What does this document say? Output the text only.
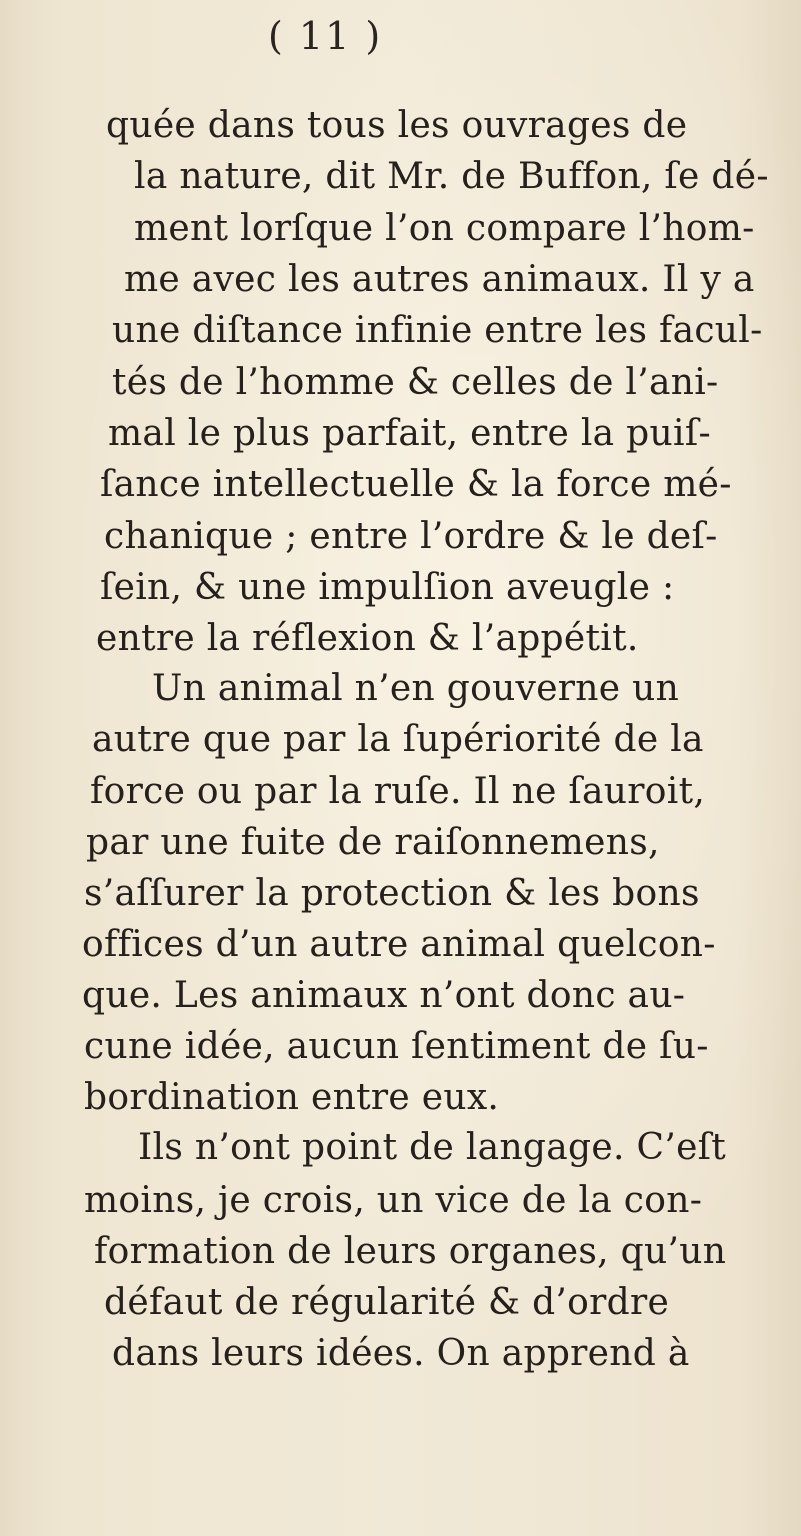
( 11 )
quée dans tous les ouvrages de
la nature, dit Mr. de Buffon, ſe dé-
ment lorſque l’on compare l’hom-
me avec les autres animaux. Il y a
une diſtance infinie entre les facul-
tés de l’homme & celles de l’ani-
mal le plus parfait, entre la puiſ-
ſance intellectuelle & la force mé-
chanique ; entre l’ordre & le deſ-
ſein, & une impulſion aveugle :
entre la réflexion & l’appétit.
Un animal n’en gouverne un
autre que par la ſupériorité de la
force ou par la ruſe. Il ne ſauroit,
par une fuite de raiſonnemens,
s’aſſurer la protection & les bons
offices d’un autre animal quelcon-
que. Les animaux n’ont donc au-
cune idée, aucun ſentiment de ſu-
bordination entre eux.
Ils n’ont point de langage. C’eſt
moins, je crois, un vice de la con-
formation de leurs organes, qu’un
défaut de régularité & d’ordre
dans leurs idées. On apprend à
